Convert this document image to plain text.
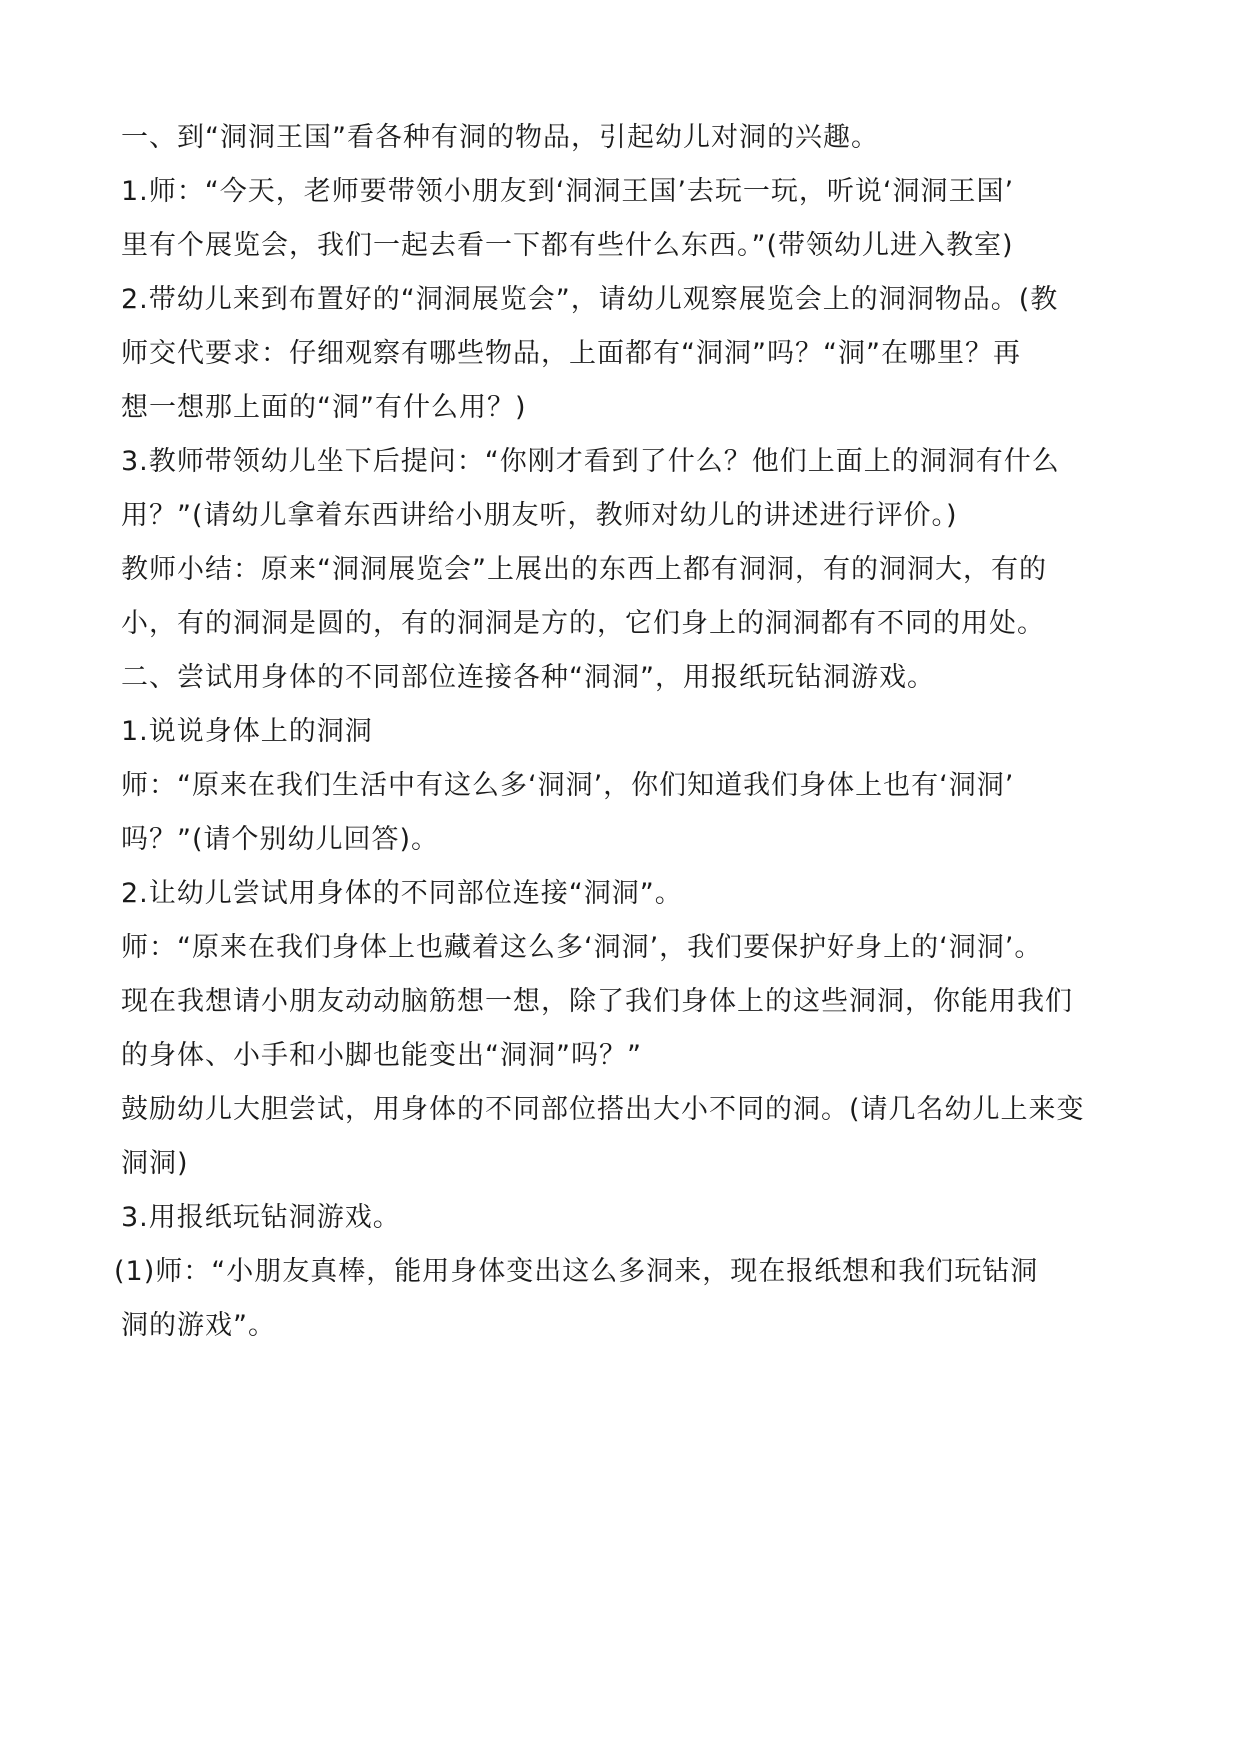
一、到“洞洞王国”看各种有洞的物品，引起幼儿对洞的兴趣。
1.师：“今天，老师要带领小朋友到‘洞洞王国’去玩一玩，听说‘洞洞王国’
里有个展览会，我们一起去看一下都有些什么东西。”(带领幼儿进入教室)
2.带幼儿来到布置好的“洞洞展览会”，请幼儿观察展览会上的洞洞物品。(教
师交代要求：仔细观察有哪些物品，上面都有“洞洞”吗？“洞”在哪里？再
想一想那上面的“洞”有什么用？)
3.教师带领幼儿坐下后提问：“你刚才看到了什么？他们上面上的洞洞有什么
用？”(请幼儿拿着东西讲给小朋友听，教师对幼儿的讲述进行评价。)
教师小结：原来“洞洞展览会”上展出的东西上都有洞洞，有的洞洞大，有的
小，有的洞洞是圆的，有的洞洞是方的，它们身上的洞洞都有不同的用处。
二、尝试用身体的不同部位连接各种“洞洞”，用报纸玩钻洞游戏。
1.说说身体上的洞洞
师：“原来在我们生活中有这么多‘洞洞’，你们知道我们身体上也有‘洞洞’
吗？”(请个别幼儿回答)。
2.让幼儿尝试用身体的不同部位连接“洞洞”。
师：“原来在我们身体上也藏着这么多‘洞洞’，我们要保护好身上的‘洞洞’。
现在我想请小朋友动动脑筋想一想，除了我们身体上的这些洞洞，你能用我们
的身体、小手和小脚也能变出“洞洞”吗？”
鼓励幼儿大胆尝试，用身体的不同部位搭出大小不同的洞。(请几名幼儿上来变
洞洞)
3.用报纸玩钻洞游戏。
(1)师：“小朋友真棒，能用身体变出这么多洞来，现在报纸想和我们玩钻洞
洞的游戏”。
